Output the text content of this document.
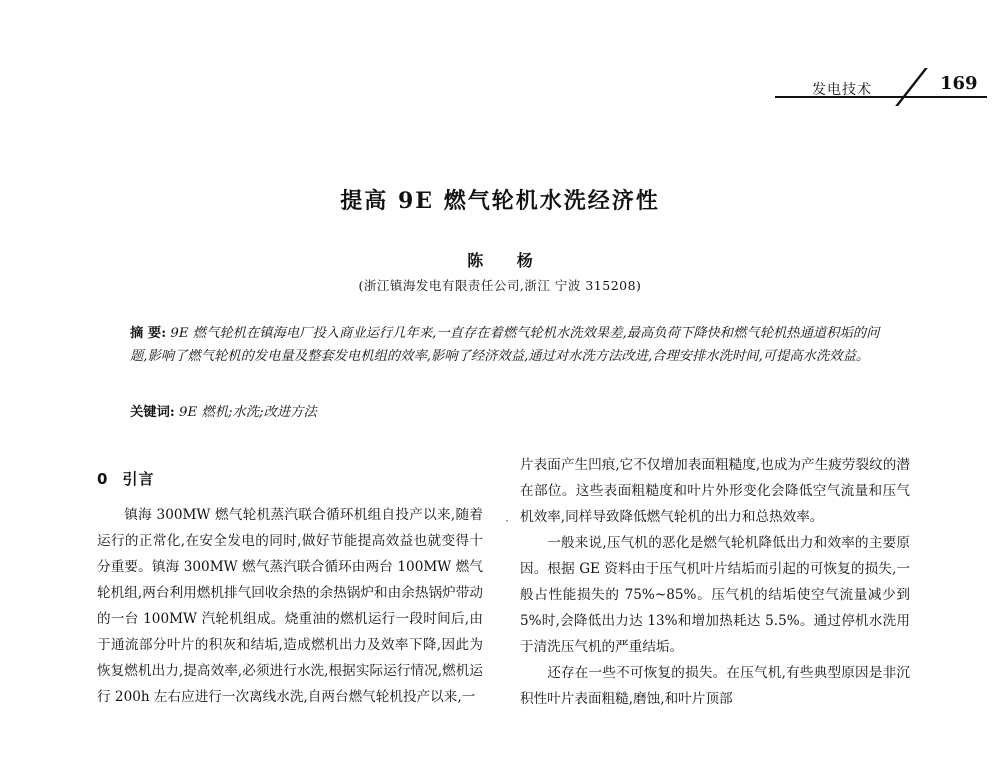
发电技术	169
提高 9E 燃气轮机水洗经济性
陈 杨
(浙江镇海发电有限责任公司,浙江 宁波 315208)
摘 要: 9E 燃气轮机在镇海电厂投入商业运行几年来,一直存在着燃气轮机水洗效果差,最高负荷下降快和燃气轮机热通道积垢的问题,影响了燃气轮机的发电量及整套发电机组的效率,影响了经济效益,通过对水洗方法改进,合理安排水洗时间,可提高水洗效益。
关键词: 9E 燃机;水洗;改进方法
0 引言

镇海 300MW 燃气轮机蒸汽联合循环机组自投产以来,随着运行的正常化,在安全发电的同时,做好节能提高效益也就变得十分重要。镇海 300MW 燃气蒸汽联合循环由两台 100MW 燃气轮机组,两台利用燃机排气回收余热的余热锅炉和由余热锅炉带动的一台 100MW 汽轮机组成。烧重油的燃机运行一段时间后,由于通流部分叶片的积灰和结垢,造成燃机出力及效率下降,因此为恢复燃机出力,提高效率,必须进行水洗,根据实际运行情况,燃机运行 200h 左右应进行一次离线水洗,自两台燃气轮机投产以来,一

·

片表面产生凹痕,它不仅增加表面粗糙度,也成为产生疲劳裂纹的潜在部位。这些表面粗糙度和叶片外形变化会降低空气流量和压气机效率,同样导致降低燃气轮机的出力和总热效率。

一般来说,压气机的恶化是燃气轮机降低出力和效率的主要原因。根据 GE 资料由于压气机叶片结垢而引起的可恢复的损失,一般占性能损失的 75%~85%。压气机的结垢使空气流量减少到 5%时,会降低出力达 13%和增加热耗达 5.5%。通过停机水洗用于清洗压气机的严重结垢。

还存在一些不可恢复的损失。在压气机,有些典型原因是非沉积性叶片表面粗糙,磨蚀,和叶片顶部
